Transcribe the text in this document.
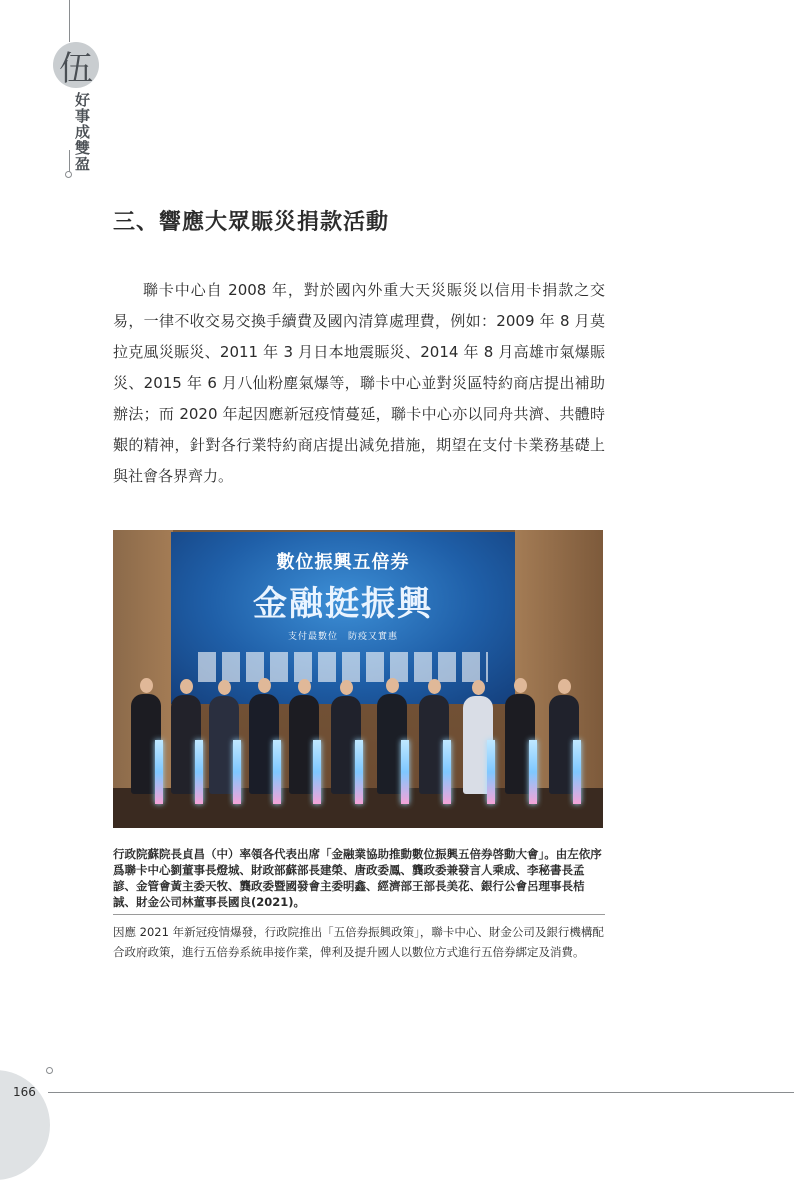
伍
好事成雙盈
三、響應大眾賑災捐款活動
聯卡中心自 2008 年，對於國內外重大天災賑災以信用卡捐款之交易，一律不收交易交換手續費及國內清算處理費，例如：2009 年 8 月莫拉克風災賑災、2011 年 3 月日本地震賑災、2014 年 8 月高雄市氣爆賑災、2015 年 6 月八仙粉塵氣爆等，聯卡中心並對災區特約商店提出補助辦法；而 2020 年起因應新冠疫情蔓延，聯卡中心亦以同舟共濟、共體時艱的精神，針對各行業特約商店提出減免措施，期望在支付卡業務基礎上與社會各界齊力。
數位振興五倍券
金融挺振興
支付最數位　防疫又實惠
行政院蘇院長貞昌（中）率領各代表出席「金融業協助推動數位振興五倍券啓動大會」。由左依序爲聯卡中心劉董事長燈城、財政部蘇部長建榮、唐政委鳳、龔政委兼發言人乘成、李秘書長孟諺、金管會黃主委天牧、龔政委暨國發會主委明鑫、經濟部王部長美花、銀行公會呂理事長桔誠、財金公司林董事長國良(2021)。
因應 2021 年新冠疫情爆發，行政院推出「五倍券振興政策」，聯卡中心、財金公司及銀行機構配合政府政策，進行五倍券系統串接作業，俾利及提升國人以數位方式進行五倍券綁定及消費。
166
